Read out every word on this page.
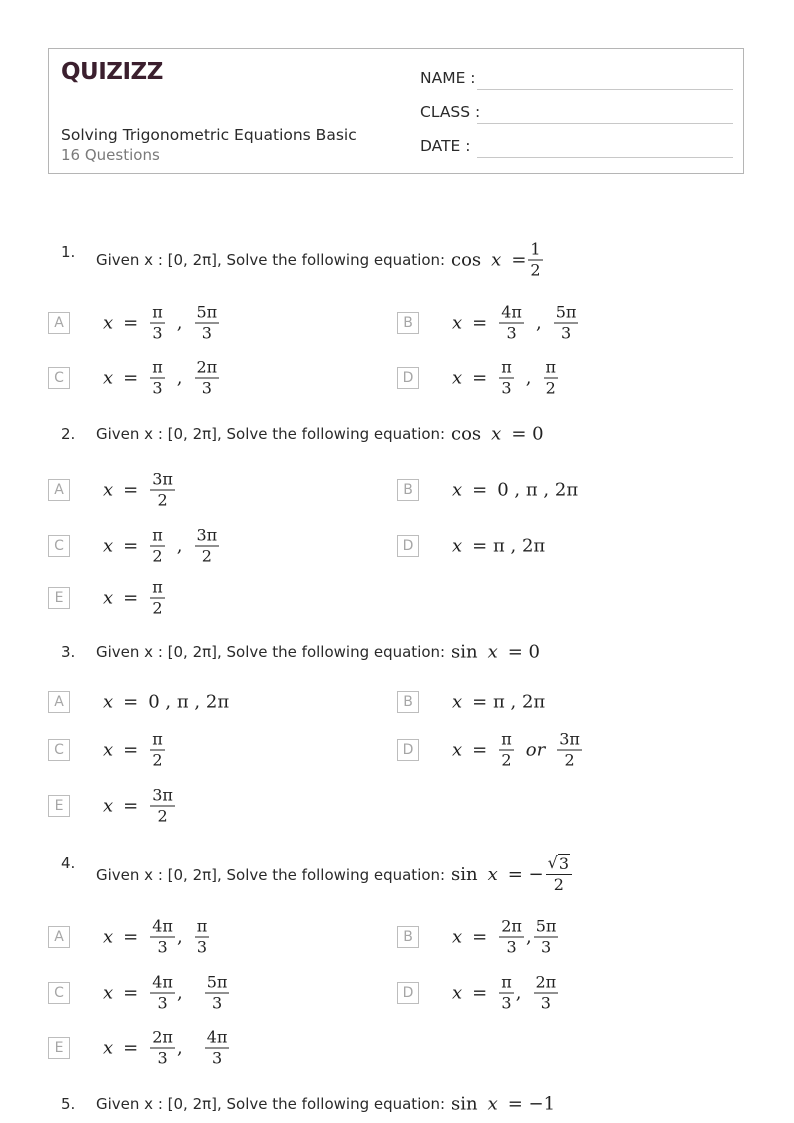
QUIZIZZ
Solving Trigonometric Equations Basic
16 Questions
NAME :
CLASS :
DATE :
1. Given x : [0, 2π], Solve the following equation: $\cos x = \frac{1}{2}$
A	$x = \frac{\pi}{3}$ , $\frac{5\pi}{3}$	B	$x = \frac{4\pi}{3}$ , $\frac{5\pi}{3}$
C	$x = \frac{\pi}{3}$ , $\frac{2\pi}{3}$	D	$x = \frac{\pi}{3}$ , $\frac{\pi}{2}$
2. Given x : [0, 2π], Solve the following equation: cos x = 0
A	$x = \frac{3\pi}{2}$	B	x = 0 , π , 2π
C	$x = \frac{\pi}{2}$ , $\frac{3\pi}{2}$	D	x = π , 2π
E	$x = \frac{\pi}{2}$
3. Given x : [0, 2π], Solve the following equation: sin x = 0
A	x = 0 , π , 2π	B	x = π , 2π
C	$x = \frac{\pi}{2}$	D	$x = \frac{\pi}{2}$ or $\frac{3\pi}{2}$
E	$x = \frac{3\pi}{2}$
4.
Given x : [0, 2π], Solve the following equation: sin x = − $\frac{√ 3}{2}$
A	$x = \frac{4\pi}{3}$ , $\frac{\pi}{3}$	B	$x = \frac{2\pi}{3}$ , $\frac{5\pi}{3}$
C	$x = \frac{4\pi}{3}$ , $\frac{5\pi}{3}$	D	$x = \frac{\pi}{3}$ , $\frac{2\pi}{3}$
E	$x = \frac{2\pi}{3}$ , $\frac{4\pi}{3}$
5. Given x : [0, 2π], Solve the following equation: sin x = −1
